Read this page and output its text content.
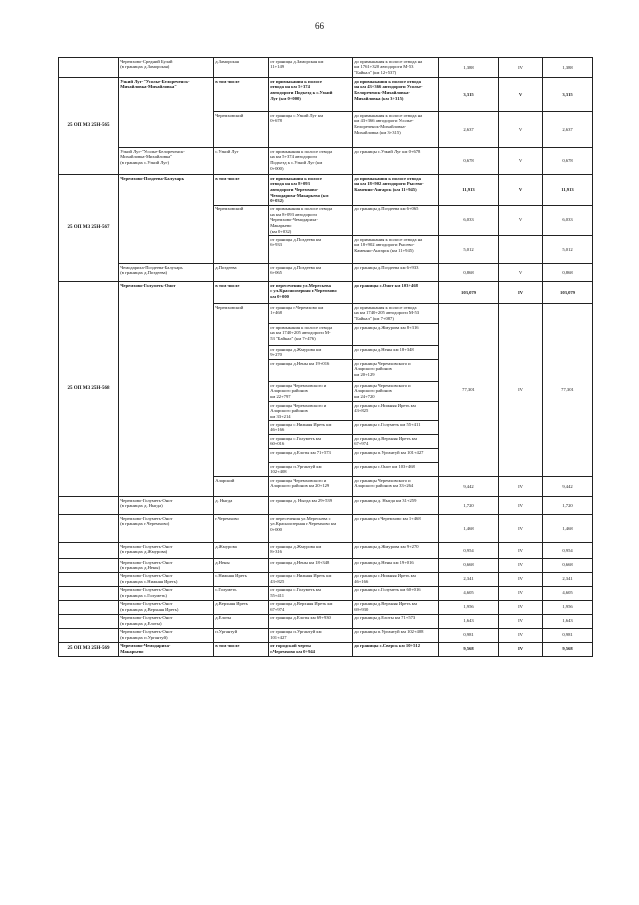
66

	Черемхово-Средний Булай
(в границах д.Заморская)	д.Заморская	от границы д.Заморская км
11+149	до примыкания к полосе отвода на
км 1761+320 автодороги М-53
"Байкал" (км 12+537)	1,388	IV	1,388
25 ОП МЗ 25Н-565	Узкий Луг-"Усолье-Белореченск-
Михайловка-Михайловка"	в том числе	от примыкания к полосе
отвода на км 5+374
автодороги Подъезд к с.Узкий
Луг (км 0+000)	до примыкания к полосе отвода
на км 43+366 автодороги Усолье-
Белореченск-Михайловка-
Михайловка (км 3+315)	3,315	V	3,315
		Черемховский	от границы с.Узкий Луг км
0+678	до примыкания к полосе отвода на
км 43+366 автодороги Усолье-
Белореченск-Михайловка-
Михайловка (км 3+315)	2,637	V	2,637

	Узкий Луг-"Усолье-Белореченск-
Михайловка-Михайловка"
(в границах с.Узкий Луг)	с.Узкий Луг	от примыкания к полосе отвода
на км 5+374 автодороги
Подъезд к с.Узкий Луг (км
0+000)	до границы с.Узкий Луг км 0+678	0,678	V	0,678
25 ОП МЗ 25Н-567	Черемхово-Поздеева-Балухарь	в том числе	от примыкания к полосе
отвода на км 8+093
автодороги Черемхово-
Чемодариха-Макарьево (км
0+032)	до примыкания к полосе отвода
на км 18+902 автодороги Рысево-
Каменно-Ангарск (км 11+945)	11,913	V	11,913
		Черемховский	от примыкания к полосе отвода
на км 8+093 автодороги
Черемхово-Чемодариха-
Макарьево
(км 0+032)	до границы д.Поздеева км 6+065	6,033	V	6,033

			от границы д.Поздеева км
6+933	до примыкания к полосе отвода на
км 18+902 автодороги Рысево-
Каменно-Ангарск (км 11+945)	5,012		5,012

	Чемодариха-Поздеева-Балухарь
(в границах д.Поздеева)	д.Поздеева	от границы д.Поздеева км
6+065	до границы д.Поздеева км 6+933	0,868	V	0,868
25 ОП МЗ 25Н-568	Черемхово-Голуметь-Онот	в том числе	от пересечения ул.Мересьева
с ул.Красноозерная г.Черемхово
км 0+000	до границы с.Онот км 103+468	103,079	IV	103,079
		Черемховский	от границы г.Черемхово км
1+468	до примыкания к полосе отвода
на км 1740+205 автодороги М-53
"Байкал" (км 7+087)	77,301	IV	77,301

			от примыкания к полосе отвода
на км 1740+205 автодороги М-
53 "Байкал" (км 7+476)	до границы д.Жмурова км 8+316			

			от границы д.Жмурова км
9+270	до границы д.Нены км 18+348			

			от границы д.Нены км 19+016	до границы Черемховского и
Аларского районов
км 20+129			

			от границы Черемховского и
Аларского районов
км 22+797	до границы Черемховского и
Аларского районов
км 24+720			

			от границы Черемховского и
Аларского районов
км 33+214	до границы с.Нижняя Иреть км
43+825			

			от границы с.Нижняя Иреть км
46+166	до границы с.Голуметь км 55+411			

			от границы с.Голуметь км
60+016	до границы д.Верхняя Иреть км
67+974			

			от границы д.Елоты км 71+573	до границы п.Ургантуй км 101+427			

			от границы п.Ургантуй км
102+408	до границы с.Онот км 103+468			

		Аларский	от границы Черемховского и
Аларского районов км 20+129	до границы Черемховского и
Аларского районов км 33+264	9,442	IV	9,442

	Черемхово-Голуметь-Онот
(в границах д. Ныгда)	д. Ныгда	от границы д. Ныгда км 29+539	до границы д. Ныгда км 31+259	1,720	IV	1,720

	Черемхово-Голуметь-Онот
(в границах г.Черемхово)	г.Черемхово	от пересечения ул.Мересьева с
ул.Красноозерная г.Черемхово км
0+000	до границы г.Черемхово км 1+468	1,468	IV	1,468

	Черемхово-Голуметь-Онот
(в границах д.Жмурова)	д.Жмурова	от границы д.Жмурова км
8+316	до границы д.Жмурова км 9+270	0,954	IV	0,954

	Черемхово-Голуметь-Онот
(в границах д.Нены)	д.Нены	от границы д.Нены км 18+348	до границы д.Нены км 19+016	0,668	IV	0,668

	Черемхово-Голуметь-Онот
(в границах с.Нижняя Иреть)	с.Нижняя Иреть	от границы с.Нижняя Иреть км
43+825	до границы с.Нижняя Иреть км
46+166	2,341	IV	2,341

	Черемхово-Голуметь-Онот
(в границах с.Голуметь)	с.Голуметь	от границы с.Голуметь км
55+411	до границы с.Голуметь км 60+016	4,605	IV	4,605

	Черемхово-Голуметь-Онот
(в границах д.Верхняя Иреть)	д.Верхняя Иреть	от границы д.Верхняя Иреть км
67+974	до границы д.Верхняя Иреть км
69+930	1,956	IV	1,956

	Черемхово-Голуметь-Онот
(в границах д.Елоты)	д.Елоты	от границы д.Елоты км 69+930	до границы д.Елоты км 71+573	1,643	IV	1,643

	Черемхово-Голуметь-Онот
(в границах п.Ургантуй)	п.Ургантуй	от границы п.Ургантуй км
101+427	до границы п.Ургантуй км 102+408	0,981	IV	0,981
25 ОП МЗ 25Н-569	Черемхово-Чемодариха-
Макарьево	в том числе	от городской черты
г.Черемхово км 0+944	до границы с.Сверск км 10+512	9,568	IV	9,568
